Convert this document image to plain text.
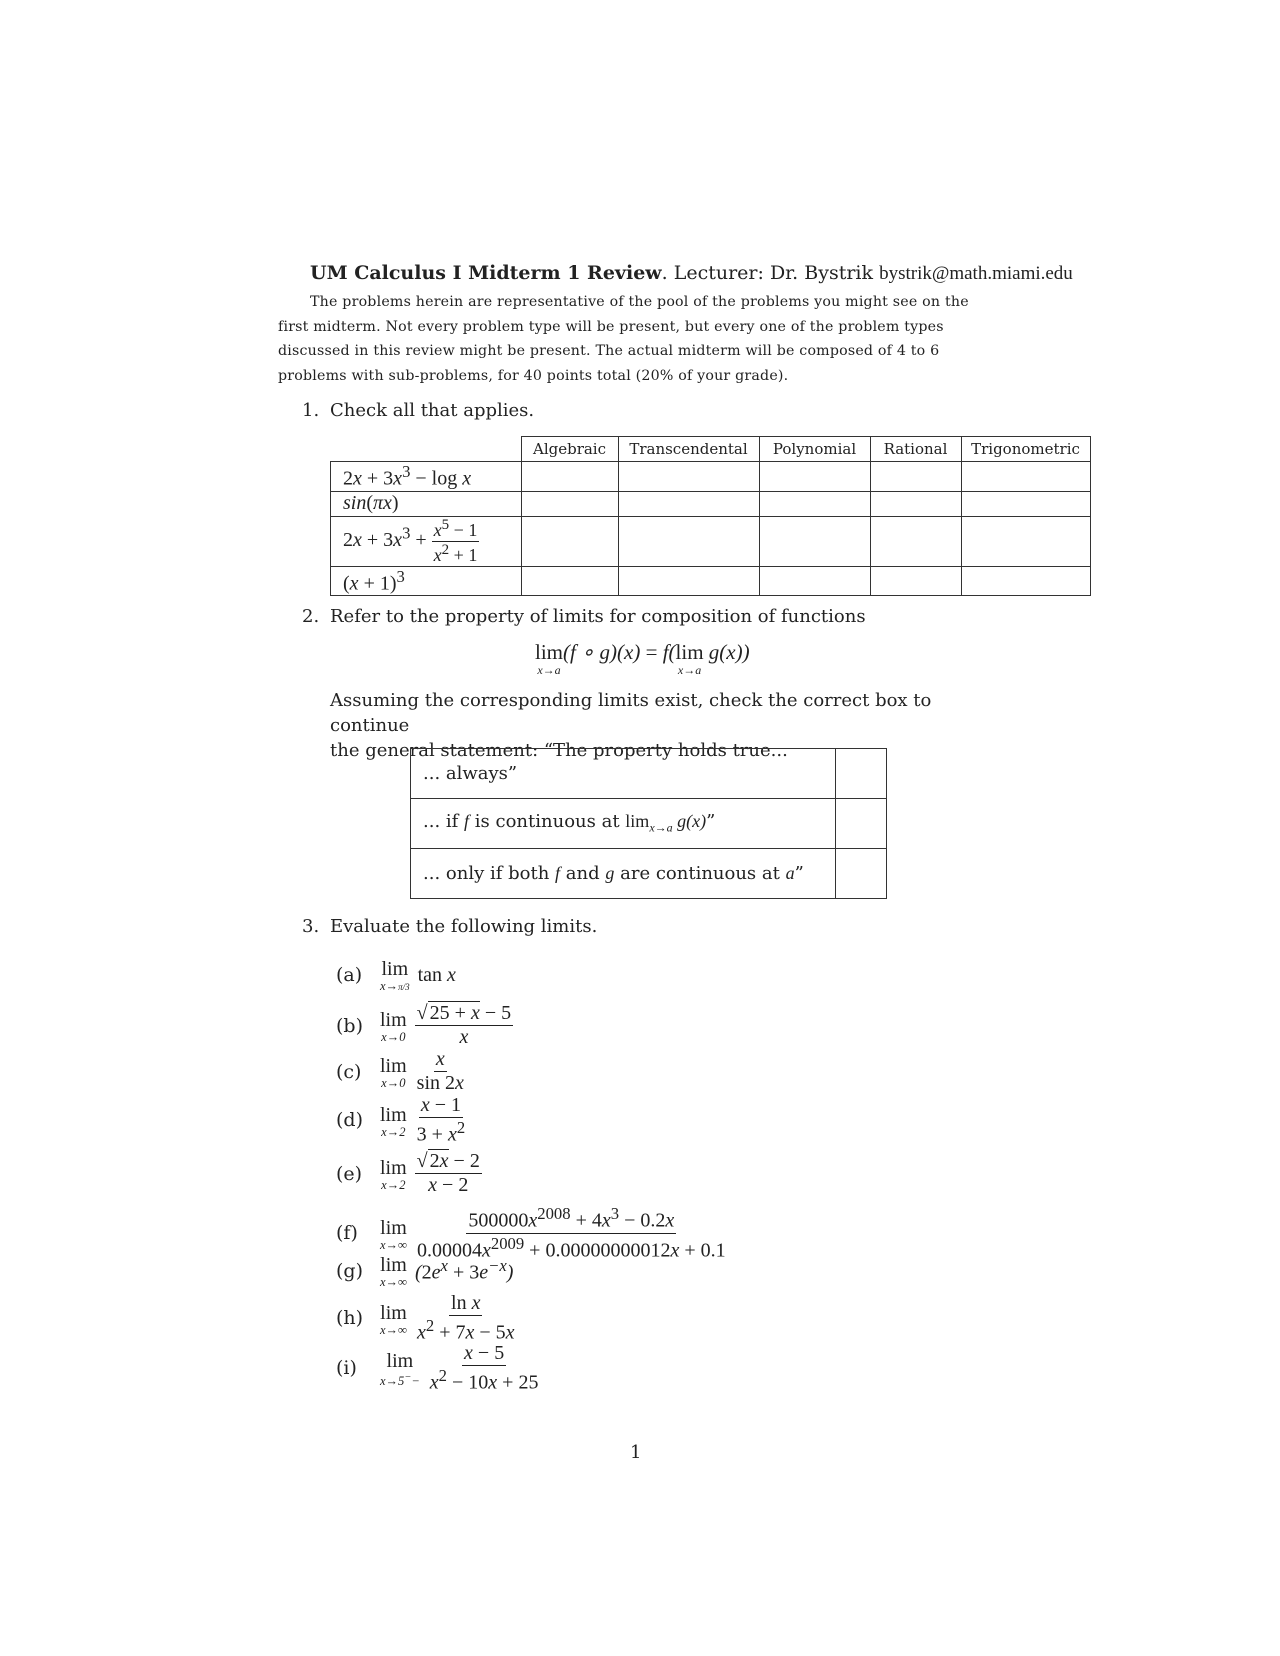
UM Calculus I Midterm 1 Review. Lecturer: Dr. Bystrik bystrik@math.miami.edu
The problems herein are representative of the pool of the problems you might see on the
first midterm. Not every problem type will be present, but every one of the problem types
discussed in this review might be present. The actual midterm will be composed of 4 to 6
problems with sub-problems, for 40 points total (20% of your grade).
1. Check all that applies.
	Algebraic	Transcendental	Polynomial	Rational	Trigonometric
$2x + 3x^3 - \log x$					
sin(πx)					
$2x + 3x^3 + \frac{x^5 - 1}{x^2 + 1}$

$(x + 1)^3$					
2. Refer to the property of limits for composition of functions
lim
x→a
(f ∘ g)(x) = f( lim
x→a
g(x))
Assuming the corresponding limits exist, check the correct box to continue
the general statement: “The property holds true...
... always”	
... if f is continuous at $\lim_{x\to a} g(x)$”	
... only if both f and g are continuous at a”	
3. Evaluate the following limits.
(a) lim
x→π/3
tan x
(b) lim
$x\to 0 \frac{√ 25 + x - 5}{x}$
(c) lim
$x\to 0 \frac{x}{\sin 2x}$
(d) lim
$x\to 2 \frac{x - 1}{3 + x^2}$
(e) lim
$x\to 2 \frac{√ 2x - 2}{x - 2}$
(f)	lim
$x\to\infty \frac{500000x^{2008} + 4x^3 - 0.2x}{0.00004x^{2009} + 0.00000000012x + 0.1}$
(g) lim
x→∞ $(2e^x + 3e^{-x})$
(h) lim
$x\to\infty \frac{\text{ln x}}{x^2 + 7x - 5x}$
(i)	lim
$x\to 5^-- \frac{x - 5}{x^2 - 10x + 25}$
1
